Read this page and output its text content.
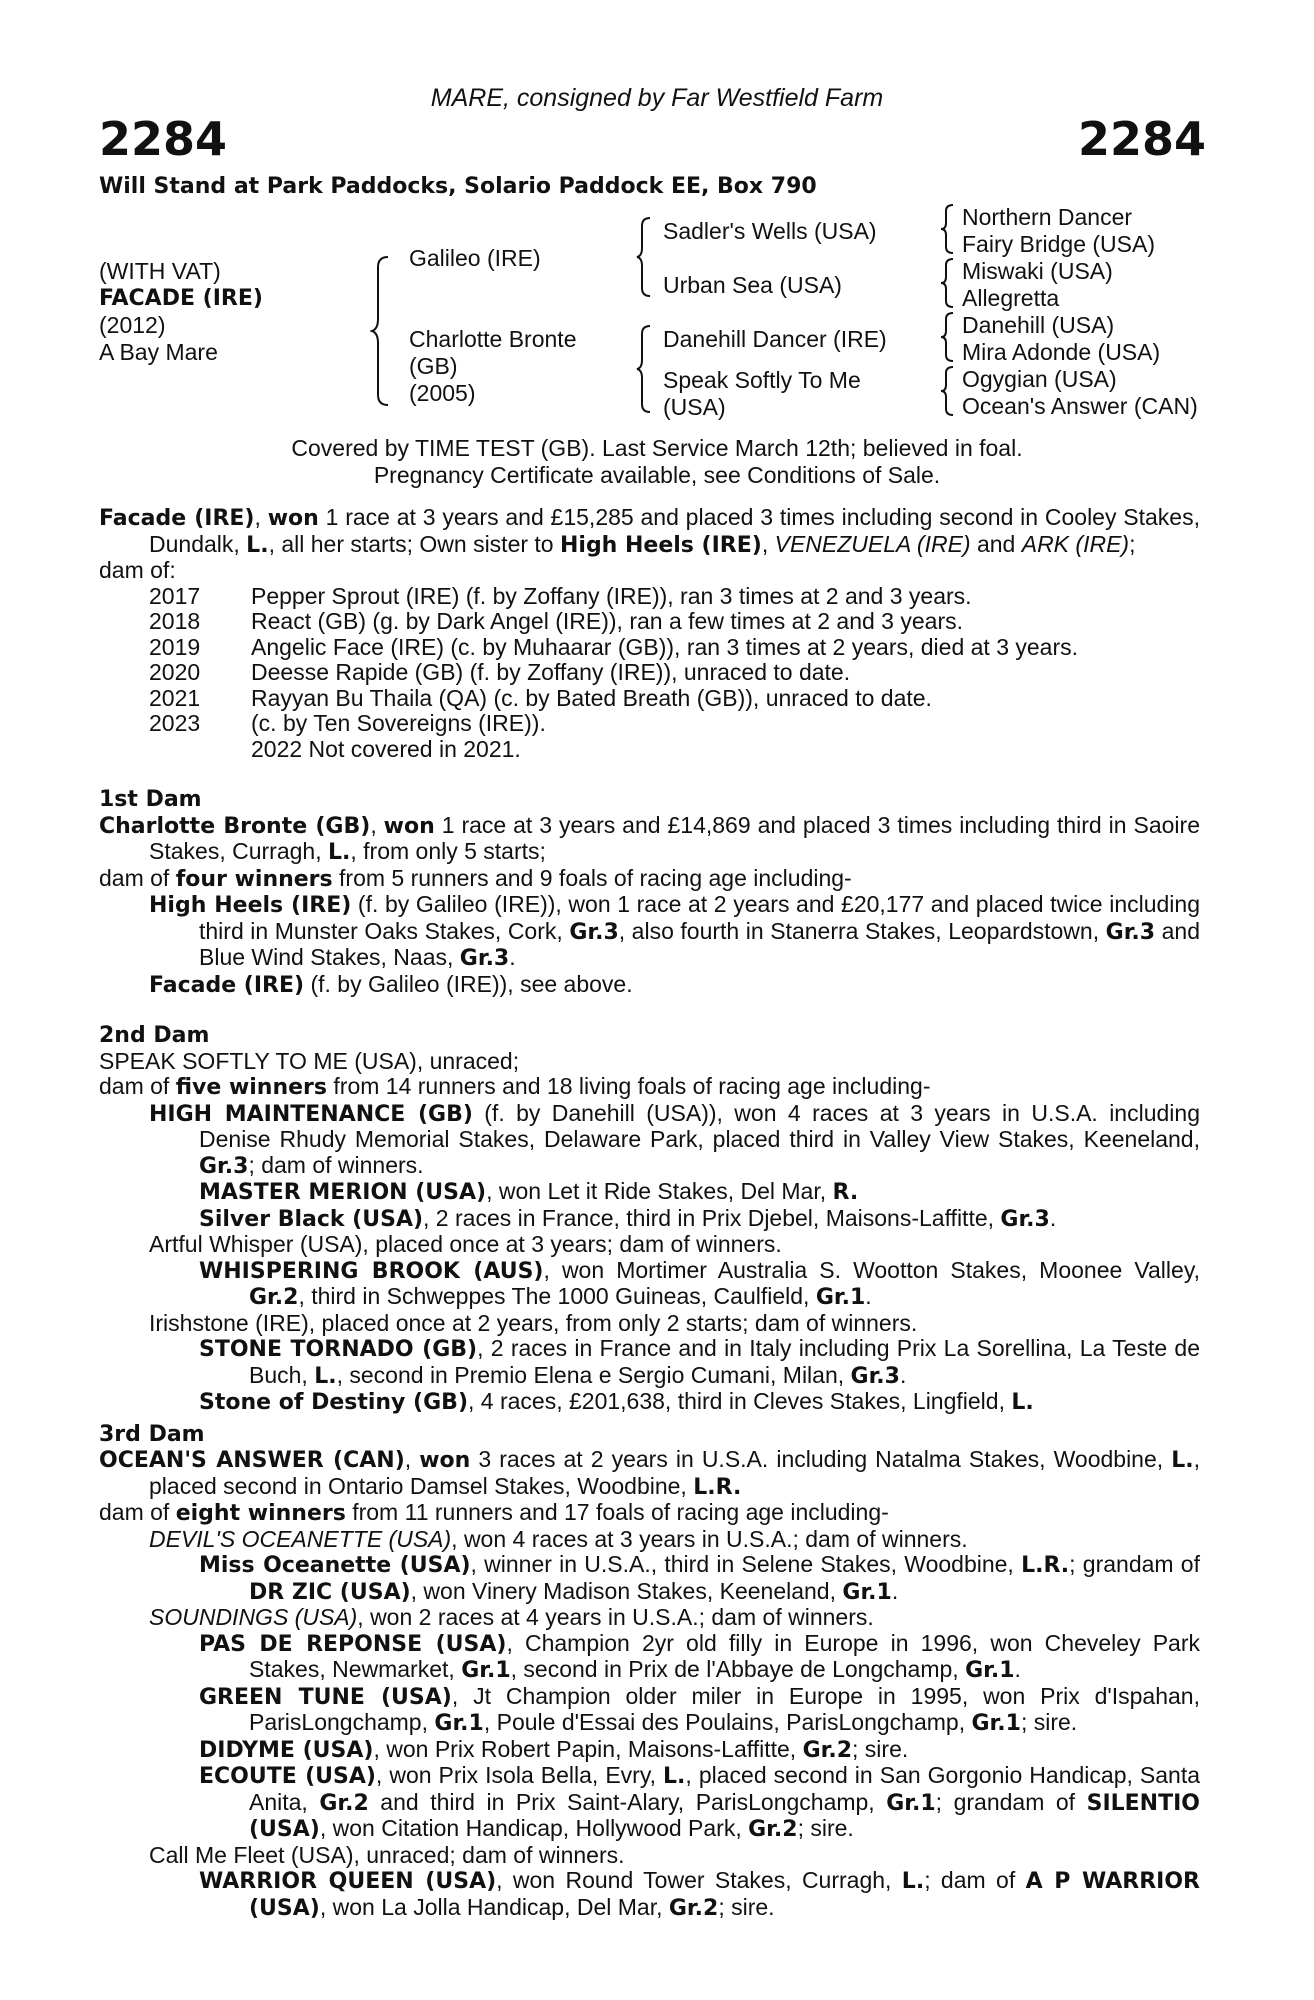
MARE, consigned by Far Westfield Farm
2284	2284
Will Stand at Park Paddocks, Solario Paddock EE, Box 790
(WITH VAT)
FACADE (IRE)
(2012)
A Bay Mare
Galileo (IRE)
Charlotte Bronte
(GB)
(2005)
Sadler's Wells (USA)
Urban Sea (USA)
Danehill Dancer (IRE)
Speak Softly To Me
(USA)
Northern Dancer
Fairy Bridge (USA)
Miswaki (USA)
Allegretta
Danehill (USA)
Mira Adonde (USA)
Ogygian (USA)
Ocean's Answer (CAN)
Covered by TIME TEST (GB). Last Service March 12th; believed in foal.
Pregnancy Certificate available, see Conditions of Sale.
Facade (IRE), won 1 race at 3 years and £15,285 and placed 3 times including second in Cooley Stakes, Dundalk, L., all her starts; Own sister to High Heels (IRE), VENEZUELA (IRE) and ARK (IRE);
dam of:
2017	Pepper Sprout (IRE) (f. by Zoffany (IRE)), ran 3 times at 2 and 3 years.
2018	React (GB) (g. by Dark Angel (IRE)), ran a few times at 2 and 3 years.
2019	Angelic Face (IRE) (c. by Muhaarar (GB)), ran 3 times at 2 years, died at 3 years.
2020	Deesse Rapide (GB) (f. by Zoffany (IRE)), unraced to date.
2021	Rayyan Bu Thaila (QA) (c. by Bated Breath (GB)), unraced to date.
2023	(c. by Ten Sovereigns (IRE)).
2022 Not covered in 2021.
1st Dam
Charlotte Bronte (GB), won 1 race at 3 years and £14,869 and placed 3 times including third in Saoire Stakes, Curragh, L., from only 5 starts;
dam of four winners from 5 runners and 9 foals of racing age including-
High Heels (IRE) (f. by Galileo (IRE)), won 1 race at 2 years and £20,177 and placed twice including third in Munster Oaks Stakes, Cork, Gr.3, also fourth in Stanerra Stakes, Leopardstown, Gr.3 and Blue Wind Stakes, Naas, Gr.3.
Facade (IRE) (f. by Galileo (IRE)), see above.
2nd Dam
SPEAK SOFTLY TO ME (USA), unraced;
dam of five winners from 14 runners and 18 living foals of racing age including-
HIGH MAINTENANCE (GB) (f. by Danehill (USA)), won 4 races at 3 years in U.S.A. including Denise Rhudy Memorial Stakes, Delaware Park, placed third in Valley View Stakes, Keeneland, Gr.3; dam of winners.
MASTER MERION (USA), won Let it Ride Stakes, Del Mar, R.
Silver Black (USA), 2 races in France, third in Prix Djebel, Maisons-Laffitte, Gr.3.
Artful Whisper (USA), placed once at 3 years; dam of winners.
WHISPERING BROOK (AUS), won Mortimer Australia S. Wootton Stakes, Moonee Valley, Gr.2, third in Schweppes The 1000 Guineas, Caulfield, Gr.1.
Irishstone (IRE), placed once at 2 years, from only 2 starts; dam of winners.
STONE TORNADO (GB), 2 races in France and in Italy including Prix La Sorellina, La Teste de Buch, L., second in Premio Elena e Sergio Cumani, Milan, Gr.3.
Stone of Destiny (GB), 4 races, £201,638, third in Cleves Stakes, Lingfield, L.
3rd Dam
OCEAN'S ANSWER (CAN), won 3 races at 2 years in U.S.A. including Natalma Stakes, Woodbine, L., placed second in Ontario Damsel Stakes, Woodbine, L.R.
dam of eight winners from 11 runners and 17 foals of racing age including-
DEVIL'S OCEANETTE (USA), won 4 races at 3 years in U.S.A.; dam of winners.
Miss Oceanette (USA), winner in U.S.A., third in Selene Stakes, Woodbine, L.R.; grandam of DR ZIC (USA), won Vinery Madison Stakes, Keeneland, Gr.1.
SOUNDINGS (USA), won 2 races at 4 years in U.S.A.; dam of winners.
PAS DE REPONSE (USA), Champion 2yr old filly in Europe in 1996, won Cheveley Park Stakes, Newmarket, Gr.1, second in Prix de l'Abbaye de Longchamp, Gr.1.
GREEN TUNE (USA), Jt Champion older miler in Europe in 1995, won Prix d'Ispahan, ParisLongchamp, Gr.1, Poule d'Essai des Poulains, ParisLongchamp, Gr.1; sire.
DIDYME (USA), won Prix Robert Papin, Maisons-Laffitte, Gr.2; sire.
ECOUTE (USA), won Prix Isola Bella, Evry, L., placed second in San Gorgonio Handicap, Santa Anita, Gr.2 and third in Prix Saint-Alary, ParisLongchamp, Gr.1; grandam of SILENTIO (USA), won Citation Handicap, Hollywood Park, Gr.2; sire.
Call Me Fleet (USA), unraced; dam of winners.
WARRIOR QUEEN (USA), won Round Tower Stakes, Curragh, L.; dam of A P WARRIOR (USA), won La Jolla Handicap, Del Mar, Gr.2; sire.
